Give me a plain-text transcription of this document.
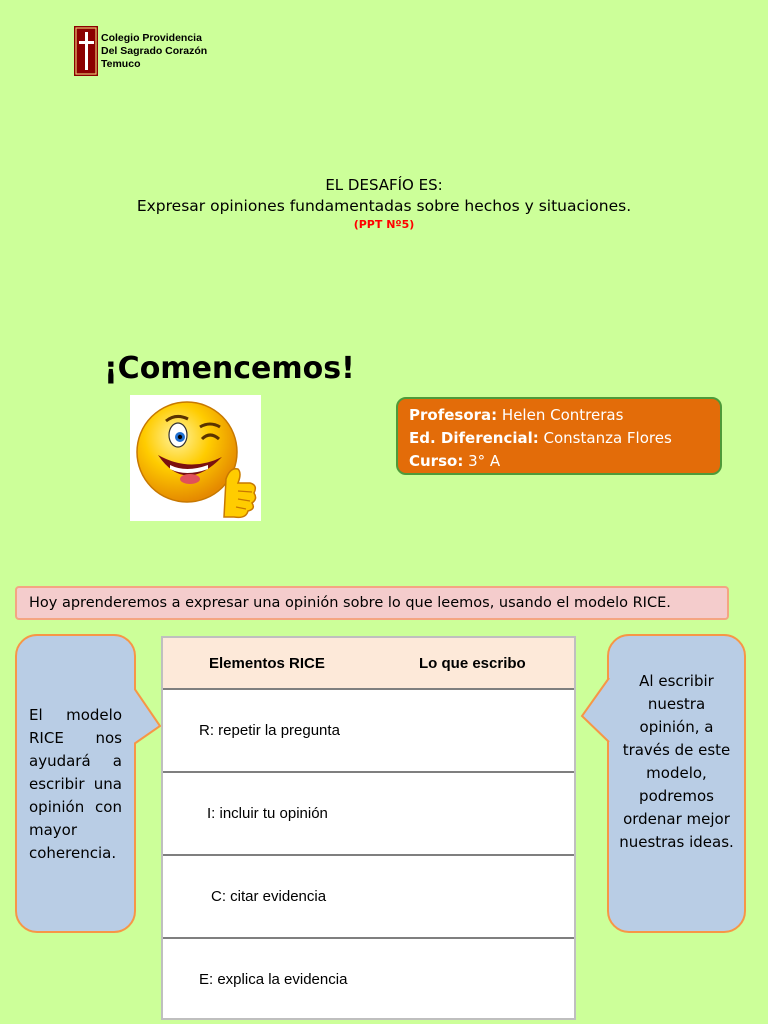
Colegio Providencia
Del Sagrado Corazón
Temuco
EL DESAFÍO ES:
Expresar opiniones fundamentadas sobre hechos y situaciones.
(PPT Nº5)
¡Comencemos!
Profesora: Helen Contreras
Ed. Diferencial: Constanza Flores
Curso: 3° A
Hoy aprenderemos a expresar una opinión sobre lo que leemos, usando el modelo RICE.
El modelo RICE nos ayudará a escribir una opinión con mayor coherencia.
Al escribir nuestra opinión, a través de este modelo, podremos ordenar mejor nuestras ideas.
Elementos RICE	Lo que escribo
R: repetir la pregunta
I: incluir tu opinión
C: citar evidencia
E: explica la evidencia
